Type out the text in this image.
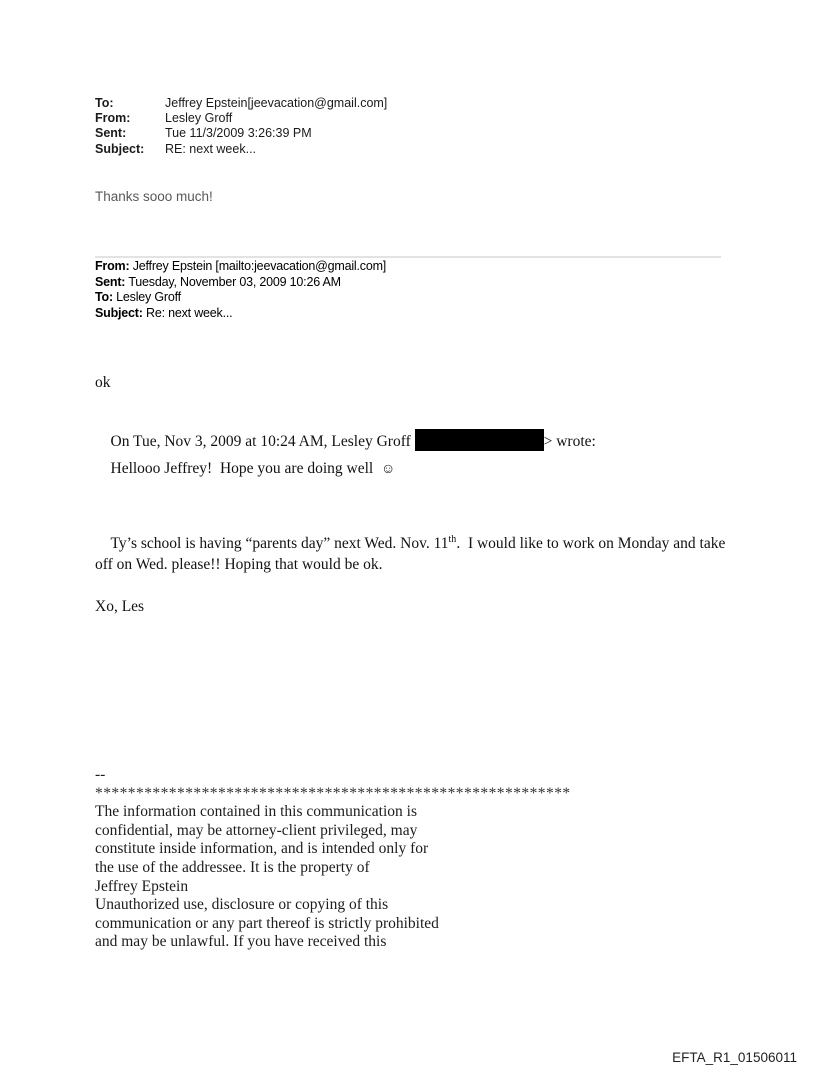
To:	Jeffrey Epstein[jeevacation@gmail.com]
From:	Lesley Groff
Sent:	Tue 11/3/2009 3:26:39 PM
Subject:	RE: next week...
Thanks sooo much!
From: Jeffrey Epstein [mailto:jeevacation@gmail.com]
Sent: Tuesday, November 03, 2009 10:26 AM
To: Lesley Groff
Subject: Re: next week...
ok

On Tue, Nov 3, 2009 at 10:24 AM, Lesley Groff	> wrote:

Hellooo Jeffrey!  Hope you are doing well  ☺

Ty’s school is having “parents day” next Wed. Nov. 11th.  I would like to work on Monday and take off on Wed. please!! Hoping that would be ok.

Xo, Les
--
**********************************************************
The information contained in this communication is
confidential, may be attorney-client privileged, may
constitute inside information, and is intended only for
the use of the addressee. It is the property of
Jeffrey Epstein
Unauthorized use, disclosure or copying of this
communication or any part thereof is strictly prohibited
and may be unlawful. If you have received this
EFTA_R1_01506011
